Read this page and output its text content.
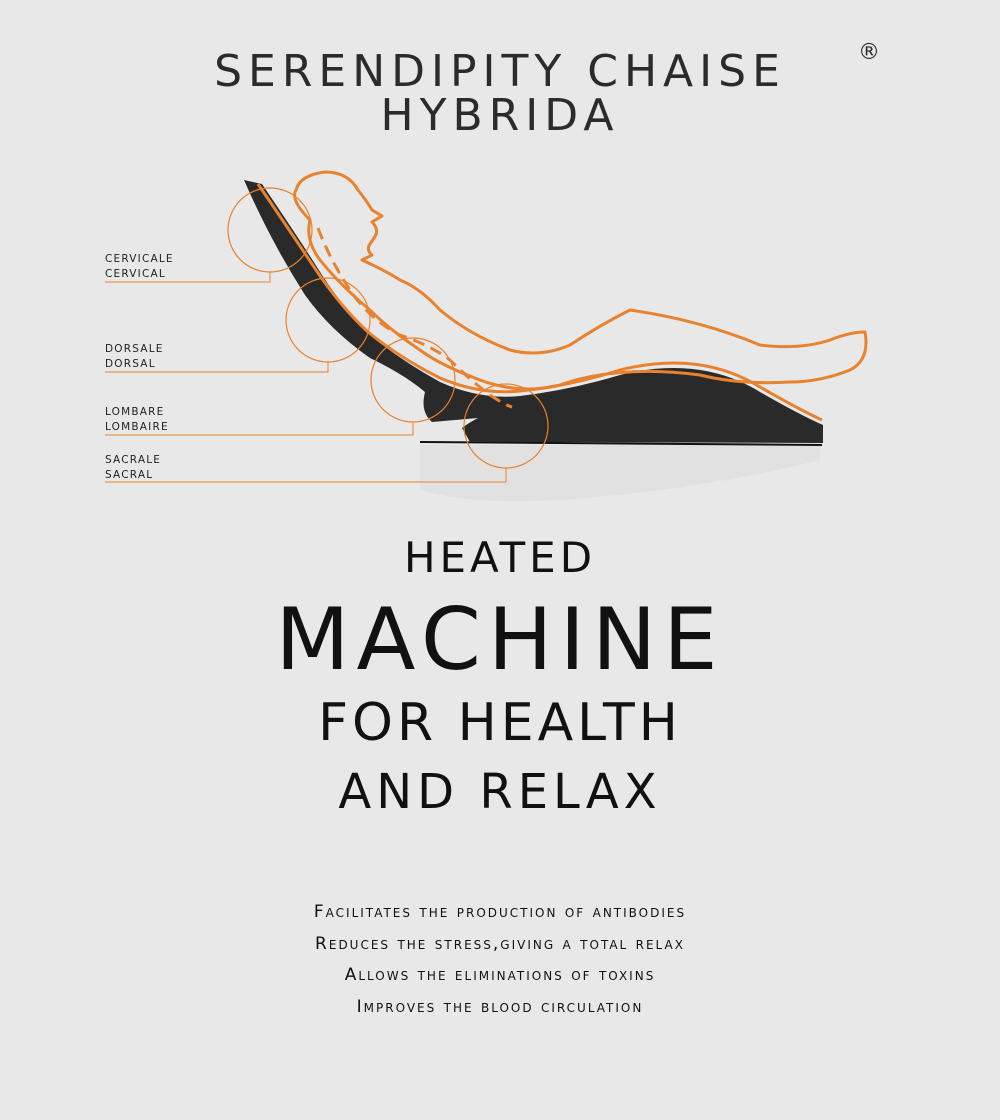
SERENDIPITY CHAISE	®
HYBRIDA
CERVICALE
CERVICAL
DORSALE
DORSAL
LOMBARE
LOMBAIRE
SACRALE
SACRAL
HEATED
MACHINE
FOR HEALTH
AND RELAX
Facilitates the production of antibodies
Reduces the stress,giving a total relax
Allows the eliminations of toxins
Improves the blood circulation
